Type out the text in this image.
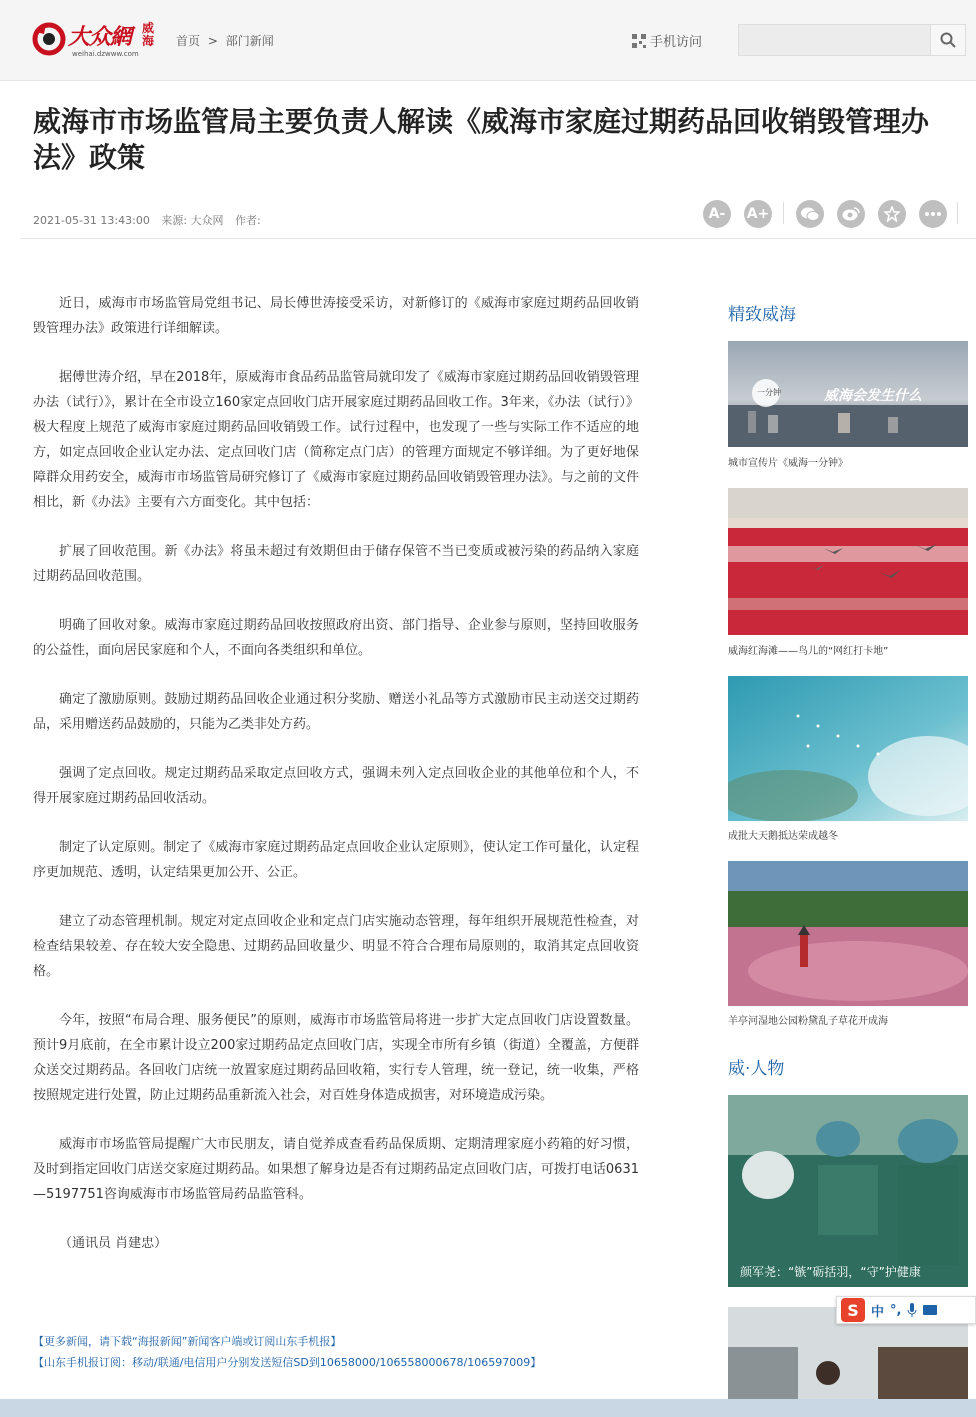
大众網 威海
weihai.dzwww.com
首页 > 部门新闻	手机访问
威海市市场监管局主要负责人解读《威海市家庭过期药品回收销毁管理办法》政策
2021-05-31 13:43:00 来源: 大众网 作者:	A-	A+

近日，威海市市场监管局党组书记、局长傅世涛接受采访，对新修订的《威海市家庭过期药品回收销毁管理办法》政策进行详细解读。

据傅世涛介绍，早在2018年，原威海市食品药品监管局就印发了《威海市家庭过期药品回收销毁管理办法（试行）》，累计在全市设立160家定点回收门店开展家庭过期药品回收工作。3年来，《办法（试行）》极大程度上规范了威海市家庭过期药品回收销毁工作。试行过程中，也发现了一些与实际工作不适应的地方，如定点回收企业认定办法、定点回收门店（简称定点门店）的管理方面规定不够详细。为了更好地保障群众用药安全，威海市市场监管局研究修订了《威海市家庭过期药品回收销毁管理办法》。与之前的文件相比，新《办法》主要有六方面变化。其中包括：

扩展了回收范围。新《办法》将虽未超过有效期但由于储存保管不当已变质或被污染的药品纳入家庭过期药品回收范围。

明确了回收对象。威海市家庭过期药品回收按照政府出资、部门指导、企业参与原则，坚持回收服务的公益性，面向居民家庭和个人，不面向各类组织和单位。

确定了激励原则。鼓励过期药品回收企业通过积分奖励、赠送小礼品等方式激励市民主动送交过期药品，采用赠送药品鼓励的，只能为乙类非处方药。

强调了定点回收。规定过期药品采取定点回收方式，强调未列入定点回收企业的其他单位和个人，不得开展家庭过期药品回收活动。

制定了认定原则。制定了《威海市家庭过期药品定点回收企业认定原则》，使认定工作可量化，认定程序更加规范、透明，认定结果更加公开、公正。

建立了动态管理机制。规定对定点回收企业和定点门店实施动态管理，每年组织开展规范性检查，对检查结果较差、存在较大安全隐患、过期药品回收量少、明显不符合合理布局原则的，取消其定点回收资格。

今年，按照“布局合理、服务便民”的原则，威海市市场监管局将进一步扩大定点回收门店设置数量。预计9月底前，在全市累计设立200家过期药品定点回收门店，实现全市所有乡镇（街道）全覆盖，方便群众送交过期药品。各回收门店统一放置家庭过期药品回收箱，实行专人管理，统一登记，统一收集，严格按照规定进行处置，防止过期药品重新流入社会，对百姓身体造成损害，对环境造成污染。

威海市市场监管局提醒广大市民朋友，请自觉养成查看药品保质期、定期清理家庭小药箱的好习惯，及时到指定回收门店送交家庭过期药品。如果想了解身边是否有过期药品定点回收门店，可拨打电话0631—5197751咨询威海市市场监管局药品监管科。

（通讯员 肖建忠）

【更多新闻，请下载“海报新闻”新闻客户端或订阅山东手机报】
【山东手机报订阅：移动/联通/电信用户分别发送短信SD到10658000/106558000678/106597009】
精致威海
一分钟	威海会发生什么
城市宣传片《威海一分钟》
威海红海滩——鸟儿的“网红打卡地”
成批大天鹅抵达荣成越冬
羊亭河湿地公园粉黛乱子草花开成海
威·人物
颜军尧：“镞”砺括羽，“守”护健康
S 中 °,
